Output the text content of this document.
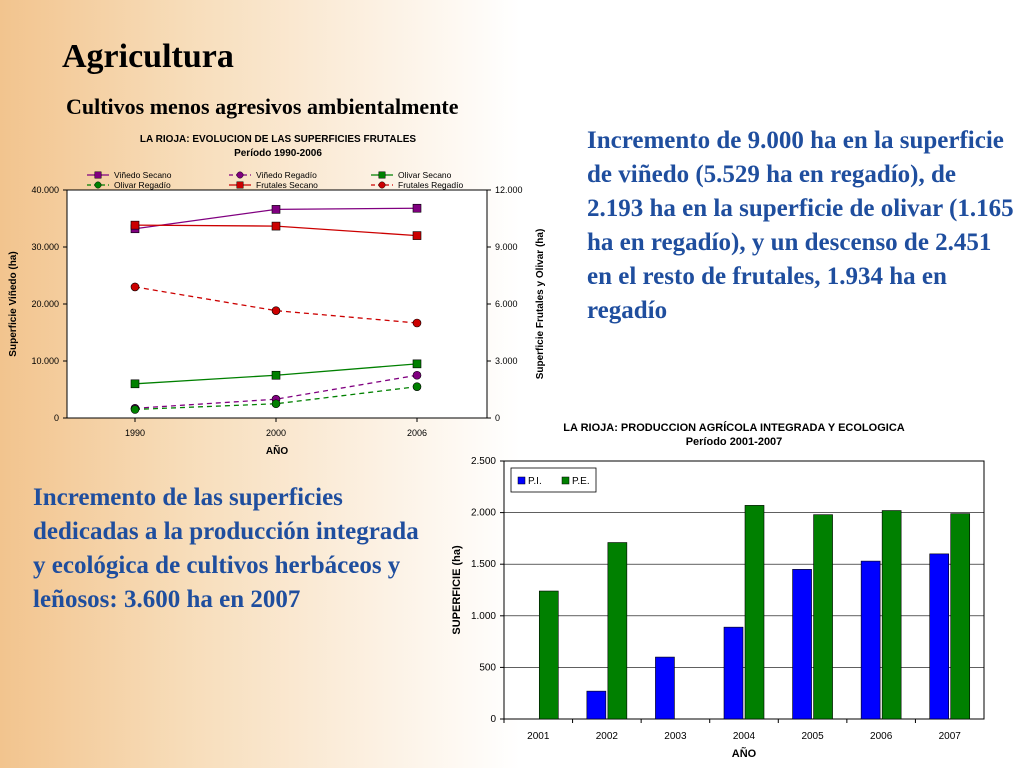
Agricultura
Cultivos menos agresivos ambientalmente

Incremento de 9.000 ha en la superficie de viñedo (5.529 ha en regadío), de 2.193 ha en la superficie de olivar (1.165 ha en regadío), y un descenso de 2.451 en el resto de frutales, 1.934 ha en regadío

Incremento de las superficies dedicadas a la producción integrada y ecológica de cultivos herbáceos y leñosos: 3.600 ha en 2007

LA RIOJA: EVOLUCION DE LAS SUPERFICIES FRUTALES
Período 1990-2006
Superficie Viñedo (ha)	Superficie Frutales y Olivar (ha)
AÑO
0
10.000
20.000
30.000
40.000
0
3.000
6.000
9.000
12.000
1990	2000	2006
Viñedo Secano	Viñedo Regadío	Olivar Secano
Olivar Regadío	Frutales Secano	Frutales Regadío
LA RIOJA: PRODUCCION AGRÍCOLA INTEGRADA Y ECOLOGICA
Período 2001-2007
SUPERFICIE (ha)
AÑO
0
500
1.000
1.500
2.000
2.500
2001	2002	2003	2004	2005	2006	2007
P.I.	P.E.
